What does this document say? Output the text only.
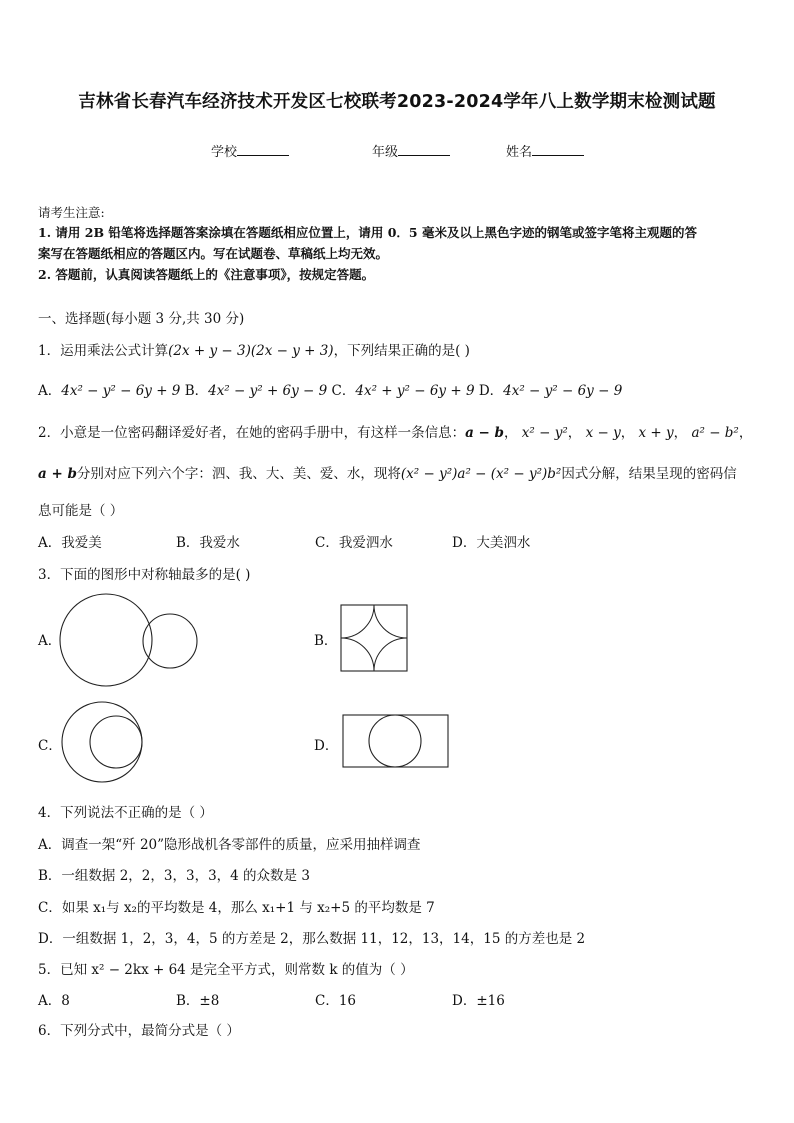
吉林省长春汽车经济技术开发区七校联考2023-2024学年八上数学期末检测试题
学校	年级	姓名
请考生注意:
1. 请用 2B 铅笔将选择题答案涂填在答题纸相应位置上，请用 0．5 毫米及以上黑色字迹的钢笔或签字笔将主观题的答
案写在答题纸相应的答题区内。写在试题卷、草稿纸上均无效。
2. 答题前，认真阅读答题纸上的《注意事项》，按规定答题。
一、选择题(每小题 3 分,共 30 分)
1．运用乘法公式计算(2x + y − 3)(2x − y + 3)，下列结果正确的是( )
A．4x² − y² − 6y + 9 B．4x² − y² + 6y − 9 C．4x² + y² − 6y + 9 D．4x² − y² − 6y − 9
2．小意是一位密码翻译爱好者，在她的密码手册中，有这样一条信息：a − b， x² − y²， x − y， x + y， a² − b²，
a + b分别对应下列六个字：泗、我、大、美、爱、水，现将(x² − y²)a² − (x² − y²)b²因式分解，结果呈现的密码信
息可能是（ ）
A．我爱美	B．我爱水	C．我爱泗水	D．大美泗水
3．下面的图形中对称轴最多的是( )
A．	B．
C．	D．
4．下列说法不正确的是（ ）
A．调查一架“歼 20”隐形战机各零部件的质量，应采用抽样调查
B．一组数据 2，2，3，3，3，4 的众数是 3
C．如果 x₁与 x₂的平均数是 4，那么 x₁+1 与 x₂+5 的平均数是 7
D．一组数据 1，2，3，4，5 的方差是 2，那么数据 11，12，13，14，15 的方差也是 2
5．已知 x² − 2kx + 64 是完全平方式，则常数 k 的值为（ ）
A．8	B．±8	C．16	D．±16
6．下列分式中，最简分式是（ ）
